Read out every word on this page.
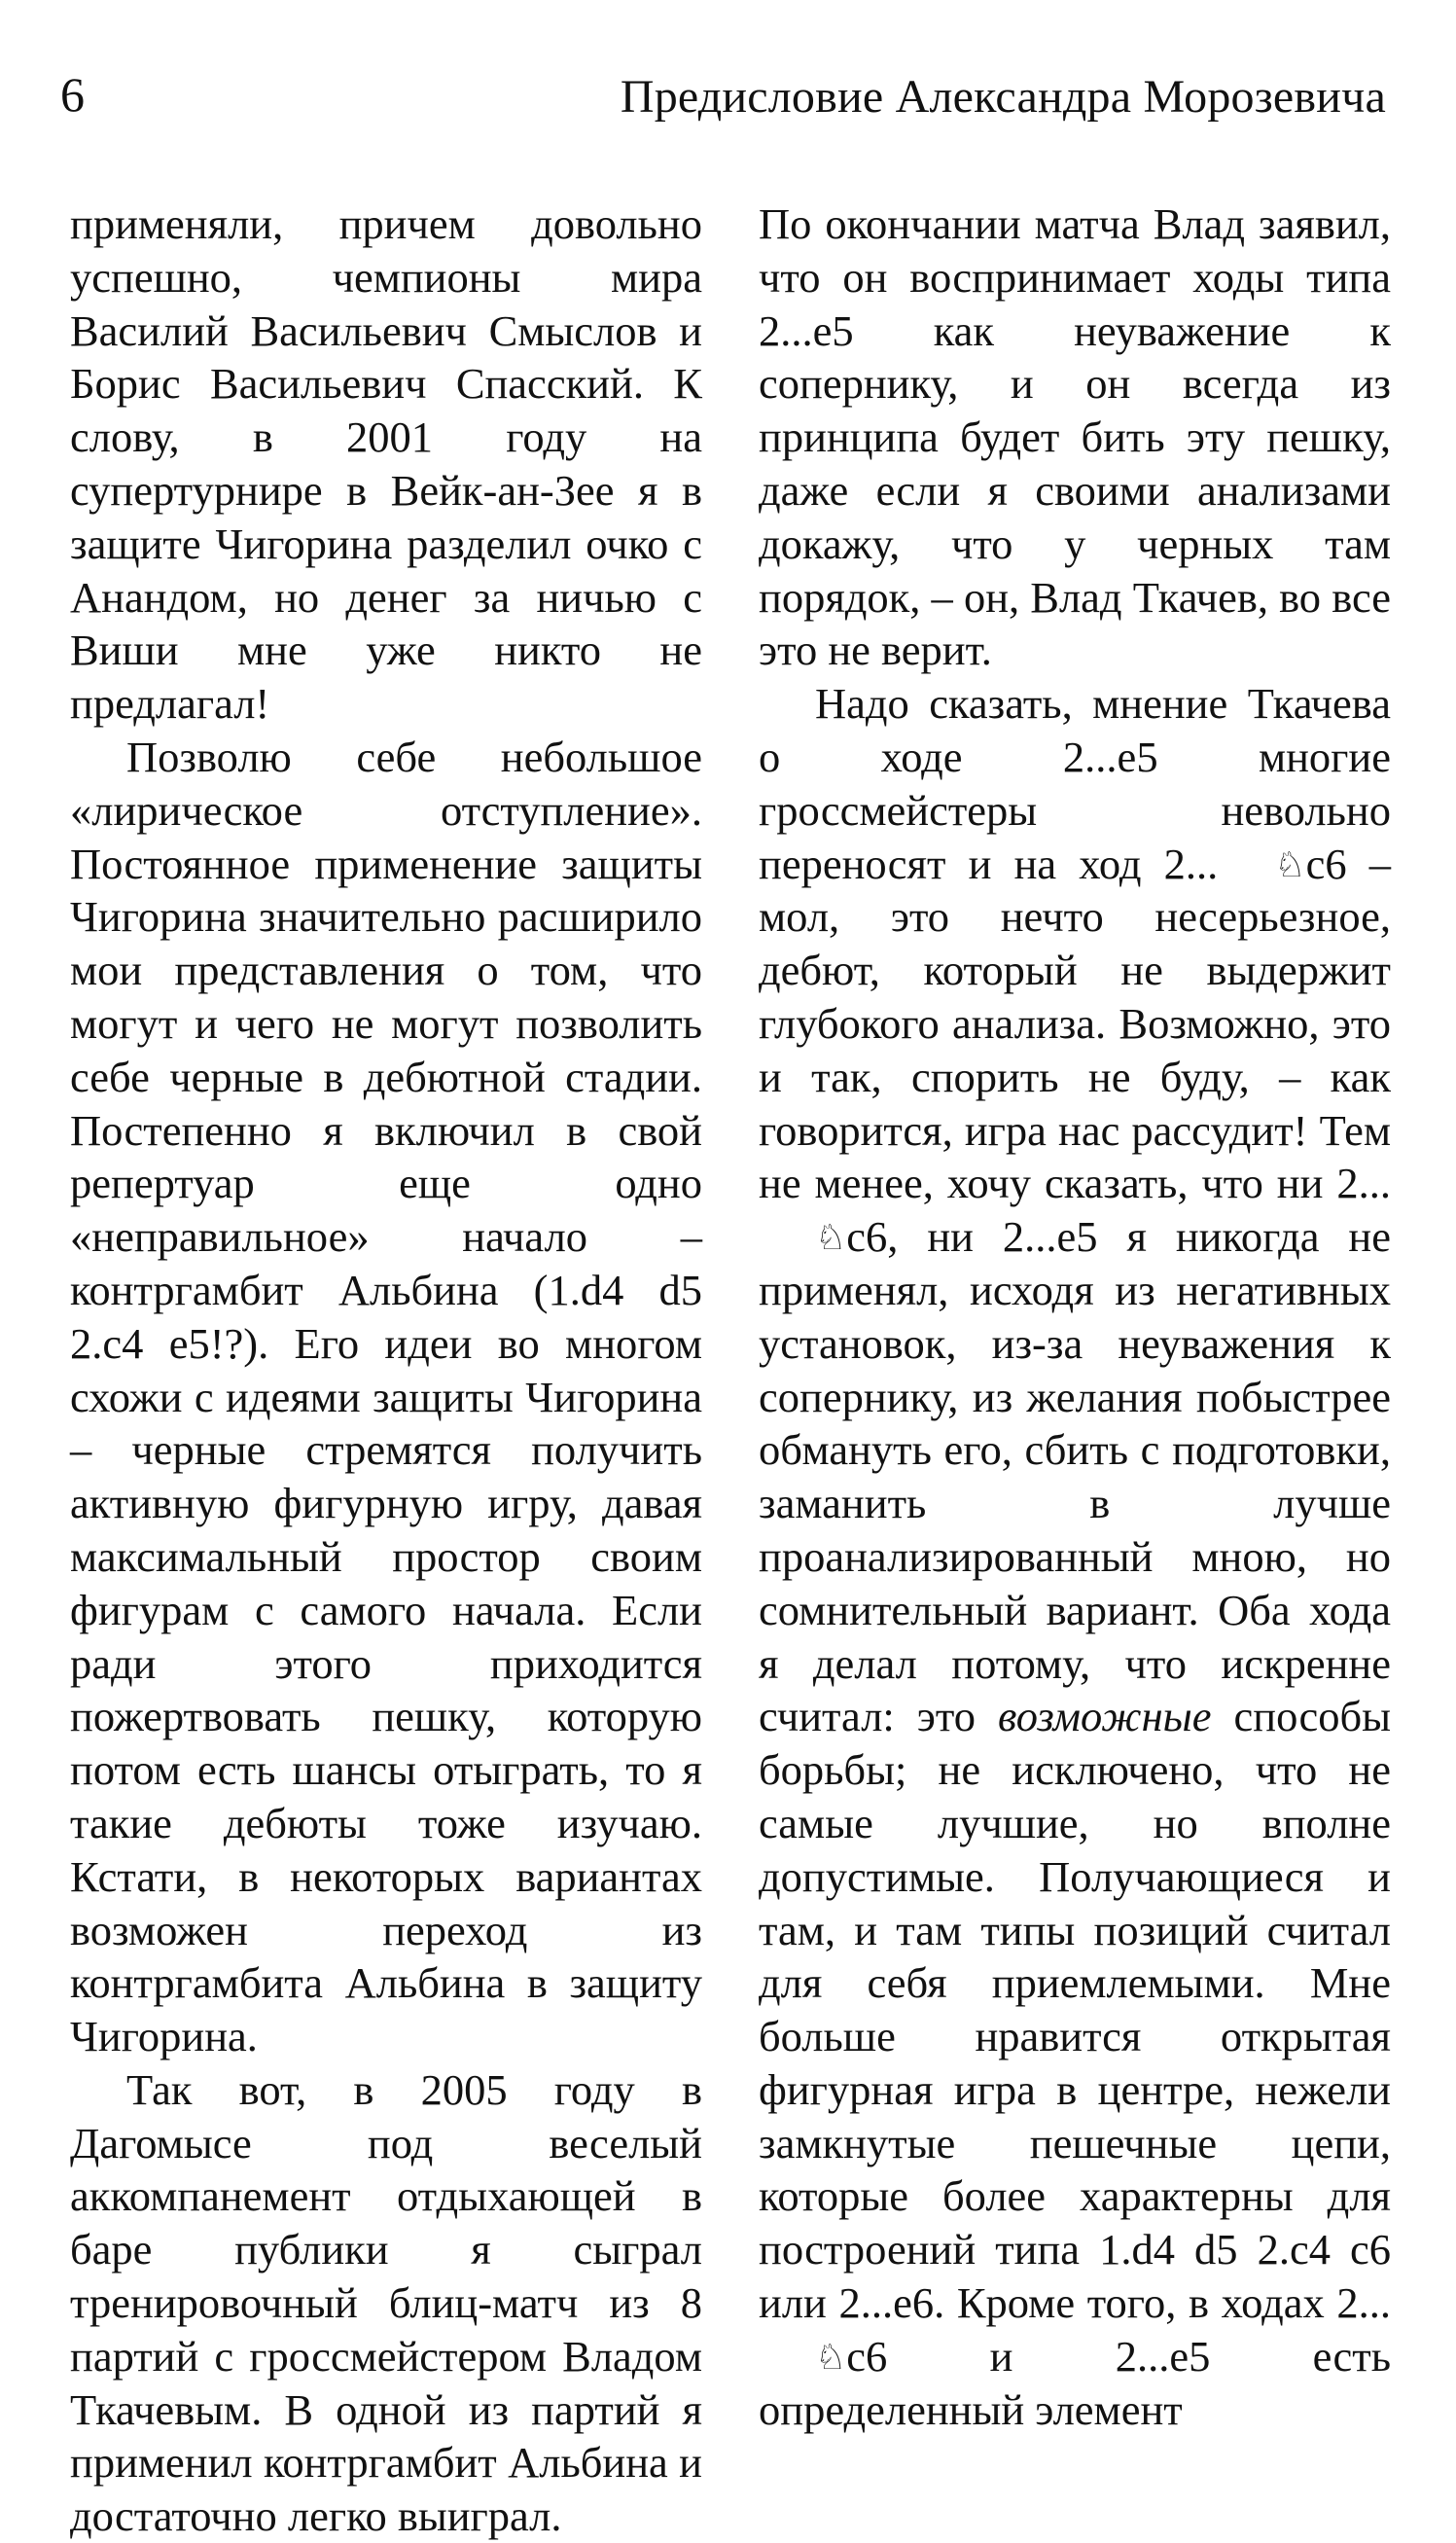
6	Предисловие Александра Морозевича

применяли, причем довольно успешно, чемпионы мира Василий Васильевич Смыслов и Борис Васильевич Спасский. К слову, в 2001 году на супертурнире в Вейк-ан-Зее я в защите Чигорина разделил очко с Анандом, но денег за ничью с Виши мне уже никто не предлагал!

Позволю себе небольшое «лирическое отступление». Постоянное применение защиты Чигорина значительно расширило мои представления о том, что могут и чего не могут позволить себе черные в дебютной стадии. Постепенно я включил в свой репертуар еще одно «неправильное» начало – контргамбит Альбина (1.d4 d5 2.c4 e5!?). Его идеи во многом схожи с идеями защиты Чигорина – черные стремятся получить активную фигурную игру, давая максимальный простор своим фигурам с самого начала. Если ради этого приходится пожертвовать пешку, которую потом есть шансы отыграть, то я такие дебюты тоже изучаю. Кстати, в некоторых вариантах возможен переход из контргамбита Альбина в защиту Чигорина.

Так вот, в 2005 году в Дагомысе под веселый аккомпанемент отдыхающей в баре публики я сыграл тренировочный блиц-матч из 8 партий с гроссмейстером Владом Ткачевым. В одной из партий я применил контргамбит Альбина и достаточно легко выиграл.

По окончании матча Влад заявил, что он воспринимает ходы типа 2...e5 как неуважение к сопернику, и он всегда из принципа будет бить эту пешку, даже если я своими анализами докажу, что у черных там порядок, – он, Влад Ткачев, во все это не верит.

Надо сказать, мнение Ткачева о ходе 2...e5 многие гроссмейстеры невольно переносят и на ход 2... ♘c6 – мол, это нечто несерьезное, дебют, который не выдержит глубокого анализа. Возможно, это и так, спорить не буду, – как говорится, игра нас рассудит! Тем не менее, хочу сказать, что ни 2...♘c6, ни 2...e5 я никогда не применял, исходя из негативных установок, из-за неуважения к сопернику, из желания побыстрее обмануть его, сбить с подготовки, заманить в лучше проанализированный мною, но сомнительный вариант. Оба хода я делал потому, что искренне считал: это возможные способы борьбы; не исключено, что не самые лучшие, но вполне допустимые. Получающиеся и там, и там типы позиций считал для себя приемлемыми. Мне больше нравится открытая фигурная игра в центре, нежели замкнутые пешечные цепи, которые более характерны для построений типа 1.d4 d5 2.c4 c6 или 2...e6. Кроме того, в ходах 2...♘c6 и 2...e5 есть определенный элемент
